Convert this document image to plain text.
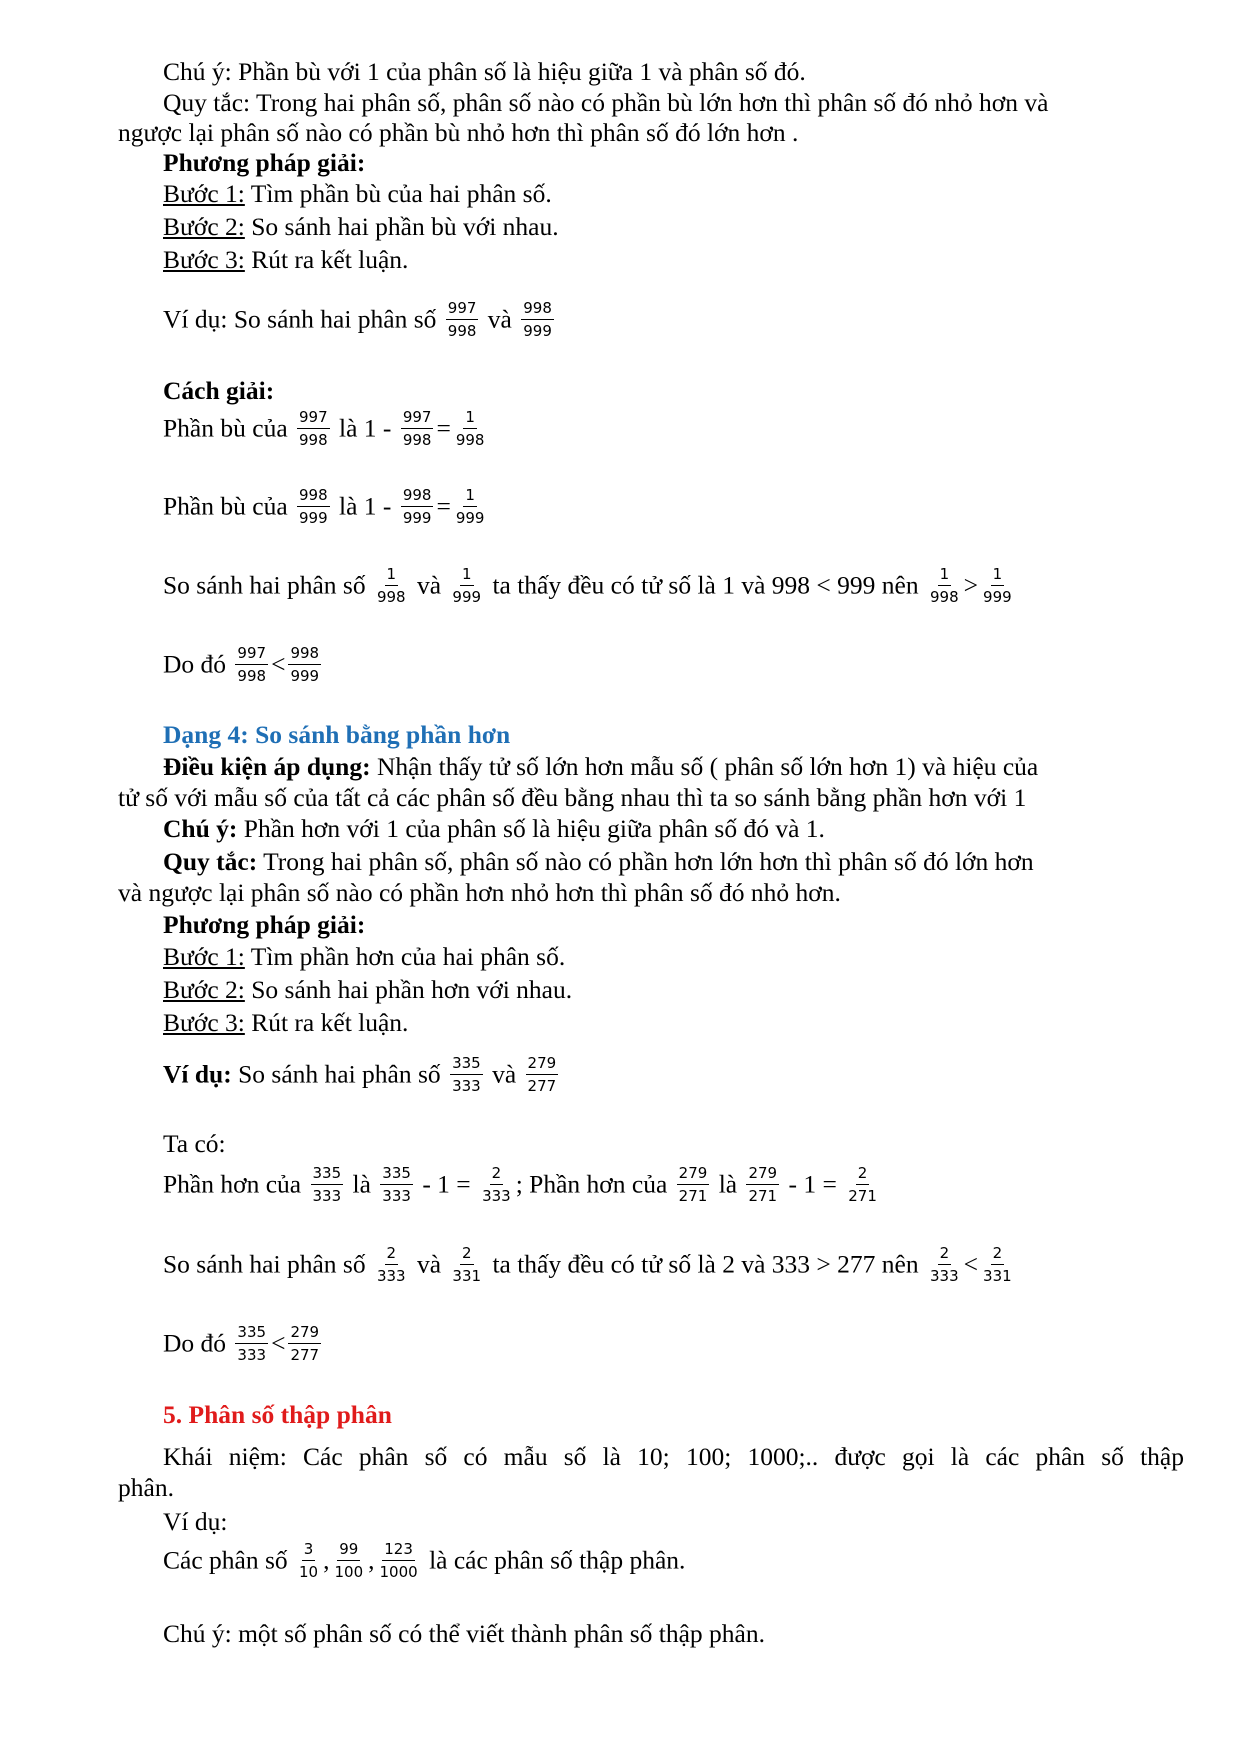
Chú ý: Phần bù với 1 của phân số là hiệu giữa 1 và phân số đó.
Quy tắc: Trong hai phân số, phân số nào có phần bù lớn hơn thì phân số đó nhỏ hơn và
ngược lại phân số nào có phần bù nhỏ hơn thì phân số đó lớn hơn .
Phương pháp giải:
Bước 1: Tìm phần bù của hai phân số.
Bước 2: So sánh hai phần bù với nhau.
Bước 3: Rút ra kết luận.
Ví dụ: So sánh hai phân số $\frac{997}{998}$ và $\frac{998}{999}$
Cách giải:
Phần bù của $\frac{997}{998}$ là $1 - \frac{997}{998} = \frac{1}{998}$
Phần bù của $\frac{998}{999}$ là $1 - \frac{998}{999} = \frac{1}{999}$
So sánh hai phân số $\frac{1}{998}$ và $\frac{1}{999}$ ta thấy đều có tử số là 1 và 998 < 999 nên $\frac{1}{998} > \frac{1}{999}$
Do đó $\frac{997}{998} < \frac{998}{999}$
Dạng 4: So sánh bằng phần hơn
Điều kiện áp dụng: Nhận thấy tử số lớn hơn mẫu số ( phân số lớn hơn 1) và hiệu của
tử số với mẫu số của tất cả các phân số đều bằng nhau thì ta so sánh bằng phần hơn với 1
Chú ý: Phần hơn với 1 của phân số là hiệu giữa phân số đó và 1.
Quy tắc: Trong hai phân số, phân số nào có phần hơn lớn hơn thì phân số đó lớn hơn
và ngược lại phân số nào có phần hơn nhỏ hơn thì phân số đó nhỏ hơn.
Phương pháp giải:
Bước 1: Tìm phần hơn của hai phân số.
Bước 2: So sánh hai phần hơn với nhau.
Bước 3: Rút ra kết luận.
Ví dụ: So sánh hai phân số $\frac{335}{333}$ và $\frac{279}{277}$
Ta có:
Phần hơn của $\frac{335}{333}$ là $\frac{335}{333} - 1 = \frac{2}{333}$ ; Phần hơn của $\frac{279}{271}$ là $\frac{279}{271} - 1 = \frac{2}{271}$
So sánh hai phân số $\frac{2}{333}$ và $\frac{2}{331}$ ta thấy đều có tử số là 2 và 333 > 277 nên $\frac{2}{333} < \frac{2}{331}$
Do đó $\frac{335}{333} < \frac{279}{277}$
5. Phân số thập phân
Khái niệm: Các phân số có mẫu số là 10; 100; 1000;.. được gọi là các phân số thập
phân.
Ví dụ:
Các phân số $\frac{3}{10}$ , $\frac{99}{100}$ , $\frac{123}{1000}$ là các phân số thập phân.
Chú ý: một số phân số có thể viết thành phân số thập phân.
